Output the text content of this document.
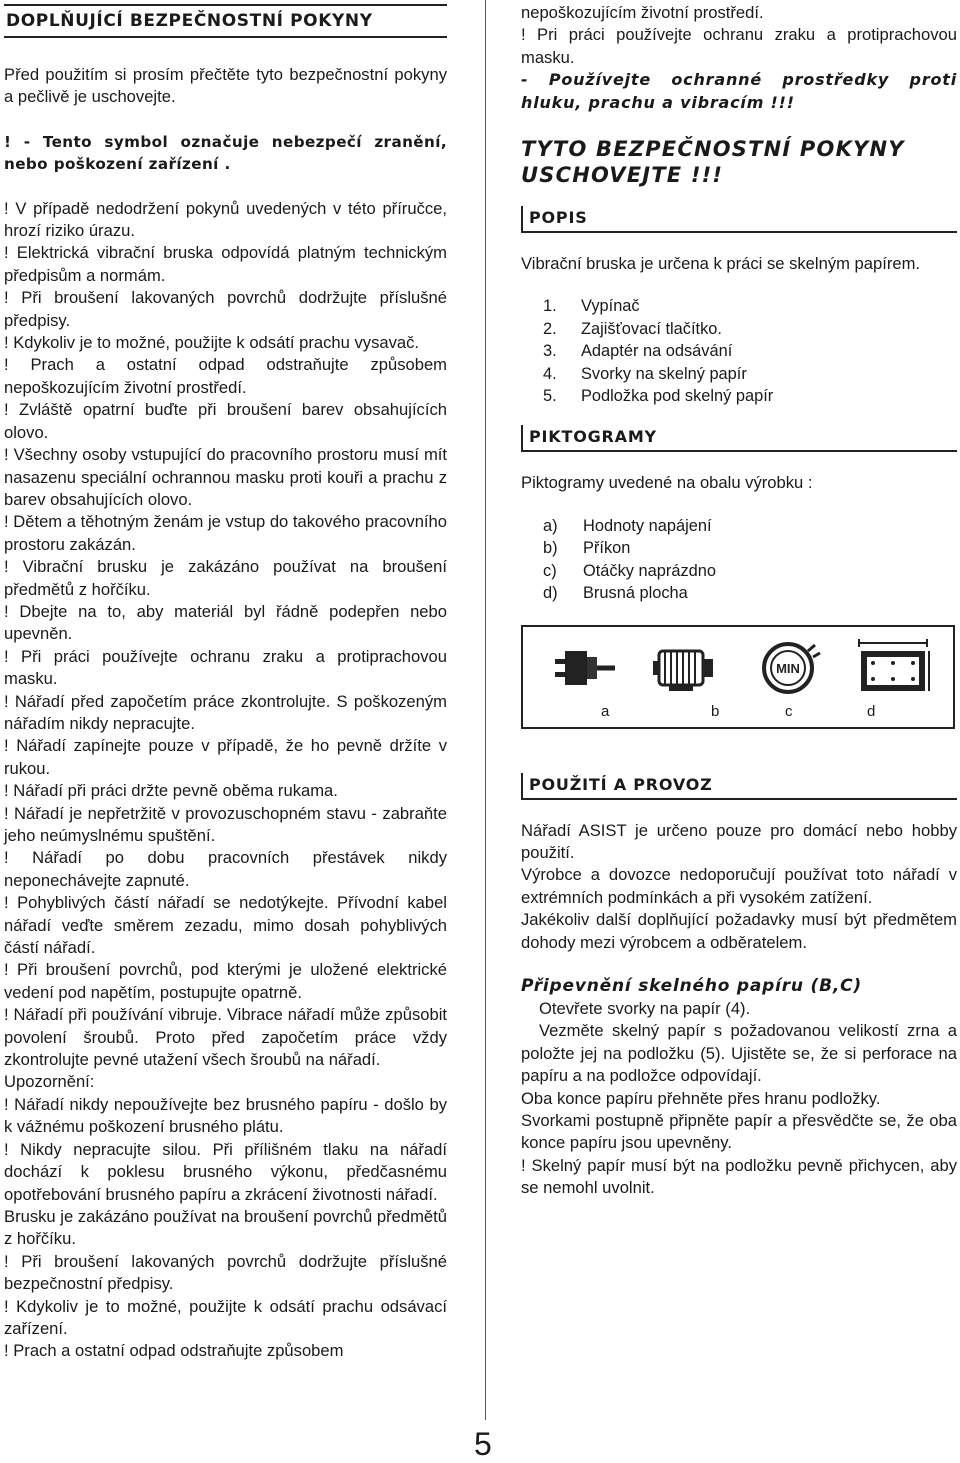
DOPLŇUJÍCÍ BEZPEČNOSTNÍ POKYNY

Před použitím si prosím přečtěte tyto bezpečnostní pokyny a pečlivě je uschovejte.

! - Tento symbol označuje nebezpečí zranění, nebo poškození zařízení .

! V případě nedodržení pokynů uvedených v této příručce, hrozí riziko úrazu.

! Elektrická vibrační bruska odpovídá platným technickým předpisům a normám.

! Při broušení lakovaných povrchů dodržujte příslušné předpisy.

! Kdykoliv je to možné, použijte k odsátí prachu vysavač.

! Prach a ostatní odpad odstraňujte způsobem nepoškozujícím životní prostředí.

! Zvláště opatrní buďte při broušení barev obsahujících olovo.

! Všechny osoby vstupující do pracovního prostoru musí mít nasazenu speciální ochrannou masku proti kouři a prachu z barev obsahujících olovo.

! Dětem a těhotným ženám je vstup do takového pracovního prostoru zakázán.

! Vibrační brusku je zakázáno používat na broušení předmětů z hořčíku.

! Dbejte na to, aby materiál byl řádně podepřen nebo upevněn.

! Při práci používejte ochranu zraku a protiprachovou masku.

! Nářadí před započetím práce zkontrolujte. S poškozeným nářadím nikdy nepracujte.

! Nářadí zapínejte pouze v případě, že ho pevně držíte v rukou.

! Nářadí při práci držte pevně oběma rukama.

! Nářadí je nepřetržitě v provozuschopném stavu - zabraňte jeho neúmyslnému spuštění.

! Nářadí po dobu pracovních přestávek nikdy neponechávejte zapnuté.

! Pohyblivých částí nářadí se nedotýkejte. Přívodní kabel nářadí veďte směrem zezadu, mimo dosah pohyblivých částí nářadí.

! Při broušení povrchů, pod kterými je uložené elektrické vedení pod napětím, postupujte opatrně.

! Nářadí při používání vibruje. Vibrace nářadí může způsobit povolení šroubů. Proto před započetím práce vždy zkontrolujte pevné utažení všech šroubů na nářadí.

Upozornění:

! Nářadí nikdy nepoužívejte bez brusného papíru - došlo by k vážnému poškození brusného plátu.

! Nikdy nepracujte silou. Při přílišném tlaku na nářadí dochází k poklesu brusného výkonu, předčasnému opotřebování brusného papíru a zkrácení životnosti nářadí.

Brusku je zakázáno používat na broušení povrchů předmětů z hořčíku.

! Při broušení lakovaných povrchů dodržujte příslušné bezpečnostní předpisy.

! Kdykoliv je to možné, použijte k odsátí prachu odsávací zařízení.

! Prach a ostatní odpad odstraňujte způsobem

nepoškozujícím životní prostředí.

! Pri práci používejte ochranu zraku a protiprachovou masku.

- Používejte ochranné prostředky proti hluku, prachu a vibracím !!!

TYTO BEZPEČNOSTNÍ POKYNY USCHOVEJTE !!!
POPIS

Vibrační bruska je určena k práci se skelným papírem.

1.	Vypínač
2.	Zajišťovací tlačítko.
3.	Adaptér na odsávání
4.	Svorky na skelný papír
5.	Podložka pod skelný papír
PIKTOGRAMY

Piktogramy uvedené na obalu výrobku :

a)	Hodnoty napájení
b)	Příkon
c)	Otáčky naprázdno
d)	Brusná plocha
a	b
MIN
c	d
POUŽITÍ A PROVOZ

Nářadí ASIST je určeno pouze pro domácí nebo hobby použití.

Výrobce a dovozce nedoporučují používat toto nářadí v extrémních podmínkách a při vysokém zatížení.

Jakékoliv další doplňující požadavky musí být předmětem dohody mezi výrobcem a odběratelem.

Připevnění skelného papíru (B,C)

Otevřete svorky na papír (4).

Vezměte skelný papír s požadovanou velikostí zrna a položte jej na podložku (5). Ujistěte se, že si perforace na papíru a na podložce odpovídají.

Oba konce papíru přehněte přes hranu podložky.

Svorkami postupně připněte papír a přesvědčte se, že oba konce papíru jsou upevněny.

! Skelný papír musí být na podložku pevně přichycen, aby se nemohl uvolnit.

5
